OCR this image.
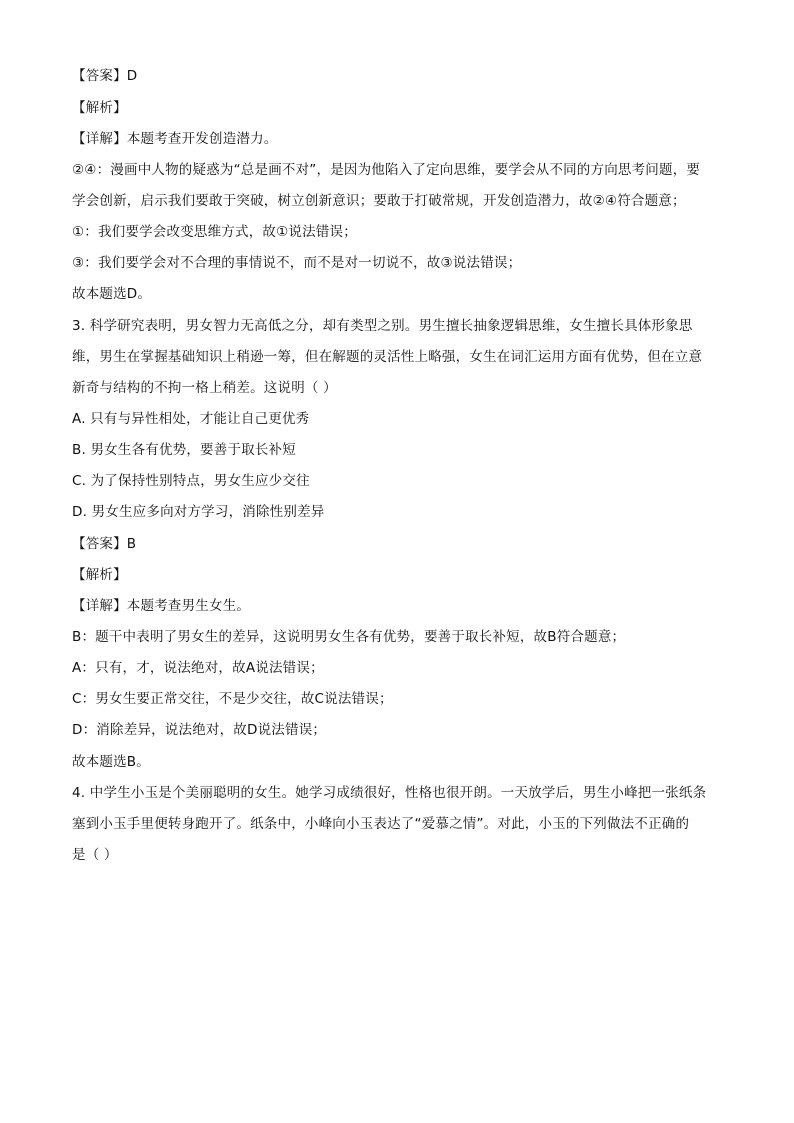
【答案】D
【解析】
【详解】本题考查开发创造潜力。
②④：漫画中人物的疑惑为“总是画不对”，是因为他陷入了定向思维，要学会从不同的方向思考问题，要
学会创新，启示我们要敢于突破，树立创新意识；要敢于打破常规，开发创造潜力，故②④符合题意；
①：我们要学会改变思维方式，故①说法错误；
③：我们要学会对不合理的事情说不，而不是对一切说不，故③说法错误；
故本题选D。
3. 科学研究表明，男女智力无高低之分，却有类型之别。男生擅长抽象逻辑思维，女生擅长具体形象思
维，男生在掌握基础知识上稍逊一筹，但在解题的灵活性上略强，女生在词汇运用方面有优势，但在立意
新奇与结构的不拘一格上稍差。这说明（ ）
A. 只有与异性相处，才能让自己更优秀
B. 男女生各有优势，要善于取长补短
C. 为了保持性别特点，男女生应少交往
D. 男女生应多向对方学习，消除性别差异
【答案】B
【解析】
【详解】本题考查男生女生。
B：题干中表明了男女生的差异，这说明男女生各有优势，要善于取长补短，故B符合题意；
A：只有，才，说法绝对，故A说法错误；
C：男女生要正常交往，不是少交往，故C说法错误；
D：消除差异，说法绝对，故D说法错误；
故本题选B。
4. 中学生小玉是个美丽聪明的女生。她学习成绩很好，性格也很开朗。一天放学后，男生小峰把一张纸条
塞到小玉手里便转身跑开了。纸条中，小峰向小玉表达了“爱慕之情”。对此，小玉的下列做法不正确的
是（ ）
